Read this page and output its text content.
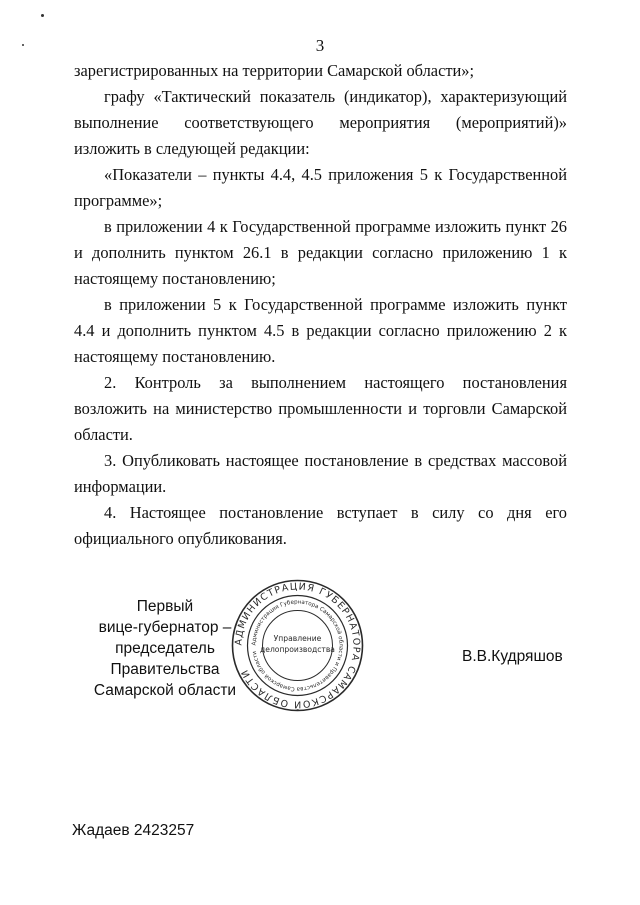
3

зарегистрированных на территории Самарской области»;

графу «Тактический показатель (индикатор), характеризующий выполнение соответствующего мероприятия (мероприятий)» изложить в следующей редакции:

«Показатели – пункты 4.4, 4.5 приложения 5 к Государственной программе»;

в приложении 4 к Государственной программе изложить пункт 26 и дополнить пунктом 26.1 в редакции согласно приложению 1 к настоящему постановлению;

в приложении 5 к Государственной программе изложить пункт 4.4 и дополнить пунктом 4.5 в редакции согласно приложению 2 к настоящему постановлению.

2. Контроль за выполнением настоящего постановления возложить на министерство промышленности и торговли Самарской области.

3. Опубликовать настоящее постановление в средствах массовой информации.

4. Настоящее постановление вступает в силу со дня его официального опубликования.

Первый
вице-губернатор –
председатель Правительства
Самарской области
АДМИНИСТРАЦИЯ ГУБЕРНАТОРА САМАРСКОЙ ОБЛАСТИ
Администрация Губернатора Самарской области и Правительства Самарской области
Управление
делопроизводства	В.В.Кудряшов
Жадаев 2423257
